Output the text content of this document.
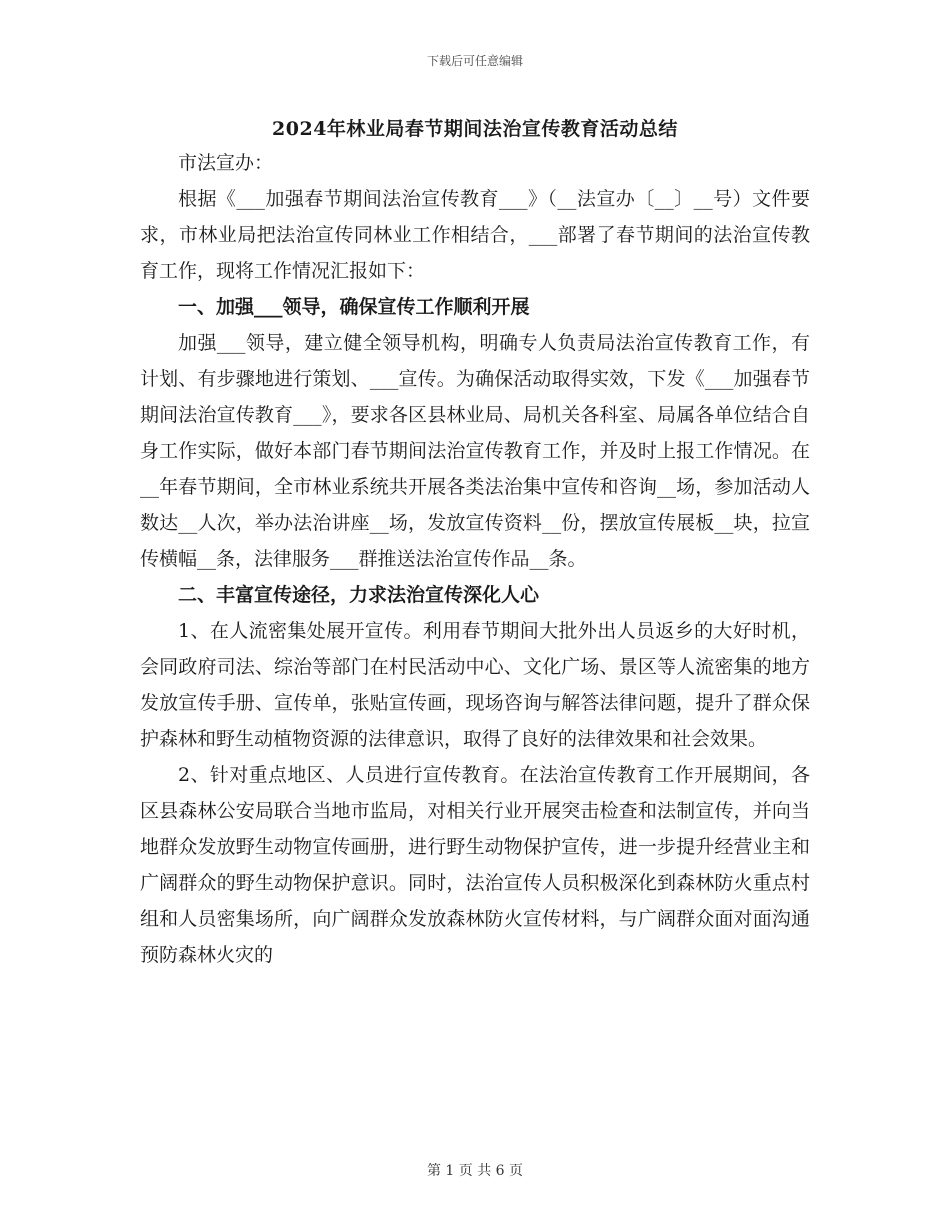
下载后可任意编辑
2024年林业局春节期间法治宣传教育活动总结

市法宣办：

根据《___加强春节期间法治宣传教育___》（__法宣办〔__〕__号）文件要求，市林业局把法治宣传同林业工作相结合，___部署了春节期间的法治宣传教育工作，现将工作情况汇报如下：

一、加强___领导，确保宣传工作顺利开展

加强___领导，建立健全领导机构，明确专人负责局法治宣传教育工作，有计划、有步骤地进行策划、___宣传。为确保活动取得实效，下发《___加强春节期间法治宣传教育___》，要求各区县林业局、局机关各科室、局属各单位结合自身工作实际，做好本部门春节期间法治宣传教育工作，并及时上报工作情况。在__年春节期间，全市林业系统共开展各类法治集中宣传和咨询__场，参加活动人数达__人次，举办法治讲座__场，发放宣传资料__份，摆放宣传展板__块，拉宣传横幅__条，法律服务___群推送法治宣传作品__条。

二、丰富宣传途径，力求法治宣传深化人心

1、在人流密集处展开宣传。利用春节期间大批外出人员返乡的大好时机，会同政府司法、综治等部门在村民活动中心、文化广场、景区等人流密集的地方发放宣传手册、宣传单，张贴宣传画，现场咨询与解答法律问题，提升了群众保护森林和野生动植物资源的法律意识，取得了良好的法律效果和社会效果。

2、针对重点地区、人员进行宣传教育。在法治宣传教育工作开展期间，各区县森林公安局联合当地市监局，对相关行业开展突击检查和法制宣传，并向当地群众发放野生动物宣传画册，进行野生动物保护宣传，进一步提升经营业主和广阔群众的野生动物保护意识。同时，法治宣传人员积极深化到森林防火重点村组和人员密集场所，向广阔群众发放森林防火宣传材料，与广阔群众面对面沟通预防森林火灾的

第 1 页 共 6 页
